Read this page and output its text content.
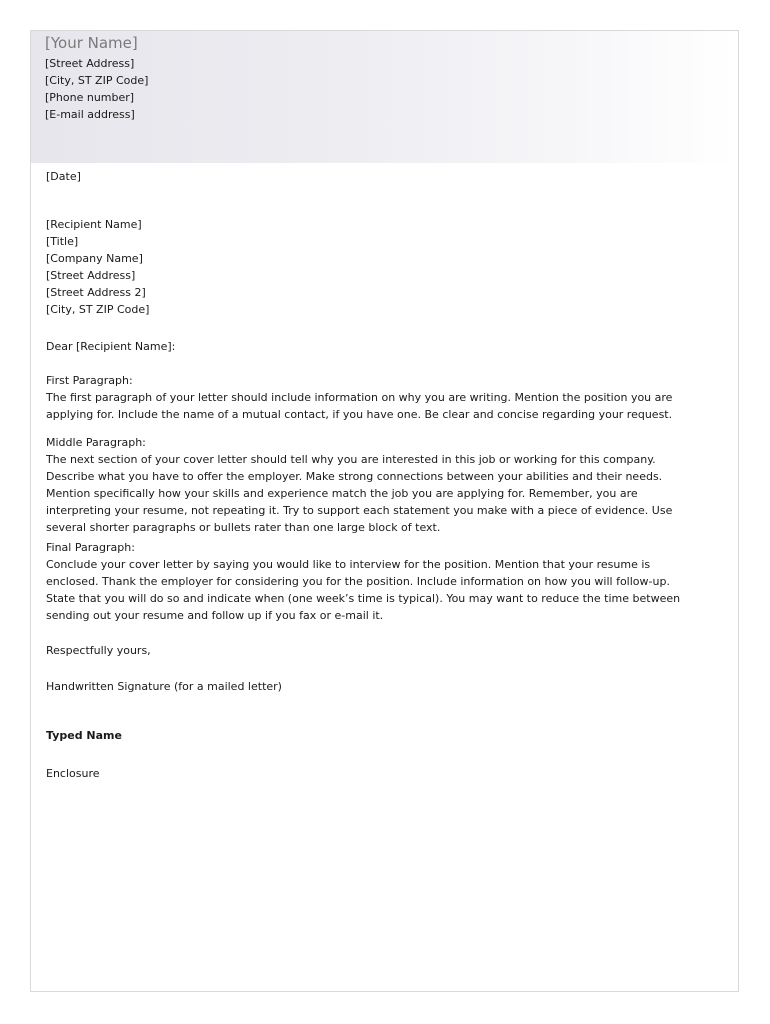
[Your Name]
[Street Address]
[City, ST ZIP Code]
[Phone number]
[E-mail address]
[Date]
[Recipient Name]
[Title]
[Company Name]
[Street Address]
[Street Address 2]
[City, ST ZIP Code]
Dear [Recipient Name]:

First Paragraph:

The first paragraph of your letter should include information on why you are writing. Mention the position you are

applying for. Include the name of a mutual contact, if you have one. Be clear and concise regarding your request.

Middle Paragraph:

The next section of your cover letter should tell why you are interested in this job or working for this company.

Describe what you have to offer the employer. Make strong connections between your abilities and their needs.

Mention specifically how your skills and experience match the job you are applying for. Remember, you are

interpreting your resume, not repeating it. Try to support each statement you make with a piece of evidence. Use

several shorter paragraphs or bullets rater than one large block of text.

Final Paragraph:

Conclude your cover letter by saying you would like to interview for the position. Mention that your resume is

enclosed. Thank the employer for considering you for the position. Include information on how you will follow-up.

State that you will do so and indicate when (one week’s time is typical). You may want to reduce the time between

sending out your resume and follow up if you fax or e-mail it.

Respectfully yours,
Handwritten Signature (for a mailed letter)
Typed Name
Enclosure
